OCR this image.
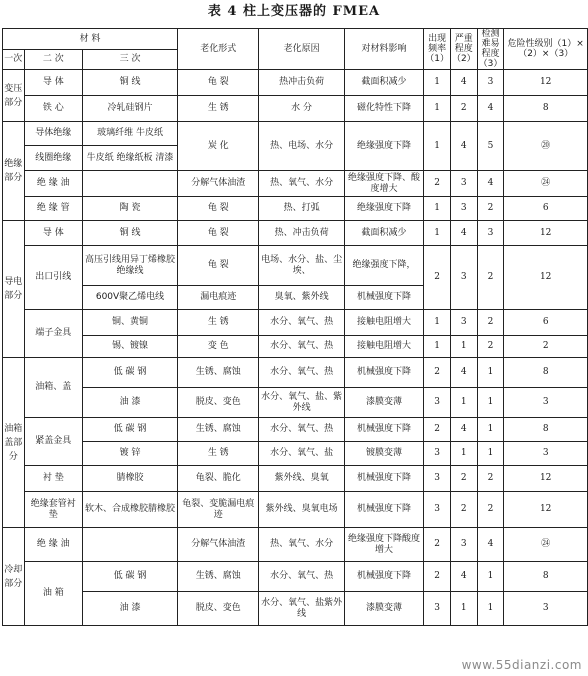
表 4 柱上变压器的 FMEA
材 料			老化形式	老化原因	对材料影响	出现频率（1）	严重程度（2）	检测难易程度（3）	危险性级别（1）×（2）×（3）
一次	二 次	三 次							
变压部分	导 体	铜 线	龟 裂	热冲击负荷	截面积减少	1	4	3	12
	铁 心	冷轧硅钢片	生 锈	水 分	磁化特性下降	1	2	4	8
绝缘部分	导体绝缘	玻璃纤维 牛皮纸	炭 化	热、电场、水分	绝缘强度下降	1	4	5	⑳
	线圈绝缘	牛皮纸 绝缘纸板 清漆							
	绝 缘 油		分解气体油渣	热、氧气、水分	绝缘强度下降、酸度增大	2	3	4	㉔
	绝 缘 管	陶 瓷	龟 裂	热、打弧	绝缘强度下降	1	3	2	6
导电部分	导 体	铜 线	龟 裂	热、冲击负荷	截面积减少	1	4	3	12
	出口引线	高压引线用异丁烯橡胶绝缘线	龟 裂	电场、水分、盐、尘埃、	绝缘强度下降，	2	3	2	12
		600V聚乙烯电线	漏电痕迹	臭氧、紫外线	机械强度下降				
	端子金具	铜、黄铜	生 锈	水分、氧气、热	接触电阻增大	1	3	2	6
		锡、镀镍	变 色	水分、氧气、热	接触电阻增大	1	1	2	2
油箱盖部分	油箱、盖	低 碳 钢	生锈、腐蚀	水分、氧气、热	机械强度下降	2	4	1	8
		油 漆	脱皮、变色	水分、氧气、盐、紫外线	漆膜变薄	3	1	1	3
	紧盖金具	低 碳 钢	生锈、腐蚀	水分、氧气、热	机械强度下降	2	4	1	8
		镀 锌	生 锈	水分、氧气、盐	镀膜变薄	3	1	1	3
	衬 垫	腈橡胶	龟裂、脆化	紫外线、臭氧	机械强度下降	3	2	2	12
	绝缘套管衬 垫	软木、合成橡胶腈橡胶	龟裂、变脆漏电痕迹	紫外线、臭氧电场	机械强度下降	3	2	2	12
冷却部分	绝 缘 油		分解气体油渣	热、氧气、水分	绝缘强度下降酸度增大	2	3	4	㉔
	油 箱	低 碳 钢	生锈、腐蚀	水分、氧气、热	机械强度下降	2	4	1	8
		油 漆	脱皮、变色	水分、氧气、盐紫外线	漆膜变薄	3	1	1	3
www.55dianzi.com
